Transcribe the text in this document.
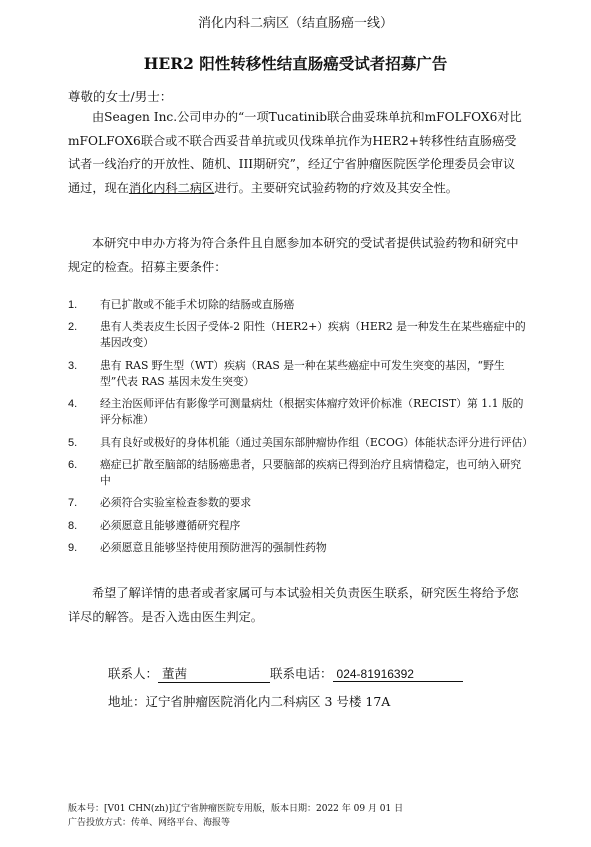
消化内科二病区（结直肠癌一线）
HER2 阳性转移性结直肠癌受试者招募广告
尊敬的女士/男士：
由Seagen Inc.公司申办的“一项Tucatinib联合曲妥珠单抗和mFOLFOX6对比mFOLFOX6联合或不联合西妥昔单抗或贝伐珠单抗作为HER2+转移性结直肠癌受试者一线治疗的开放性、随机、III期研究”，经辽宁省肿瘤医院医学伦理委员会审议通过，现在消化内科二病区进行。主要研究试验药物的疗效及其安全性。
本研究中申办方将为符合条件且自愿参加本研究的受试者提供试验药物和研究中规定的检查。招募主要条件：
1. 有已扩散或不能手术切除的结肠或直肠癌
2. 患有人类表皮生长因子受体-2 阳性（HER2+）疾病（HER2 是一种发生在某些癌症中的基因改变）
3. 患有 RAS 野生型（WT）疾病（RAS 是一种在某些癌症中可发生突变的基因，“野生型”代表 RAS 基因未发生突变）
4. 经主治医师评估有影像学可测量病灶（根据实体瘤疗效评价标准（RECIST）第 1.1 版的评分标准）
5. 具有良好或极好的身体机能（通过美国东部肿瘤协作组（ECOG）体能状态评分进行评估）
6. 癌症已扩散至脑部的结肠癌患者，只要脑部的疾病已得到治疗且病情稳定，也可纳入研究中
7. 必须符合实验室检查参数的要求
8. 必须愿意且能够遵循研究程序
9. 必须愿意且能够坚持使用预防泄泻的强制性药物
希望了解详情的患者或者家属可与本试验相关负责医生联系，研究医生将给予您详尽的解答。是否入选由医生判定。
联系人： 董茜	联系电话： 024-81916392
地址：辽宁省肿瘤医院消化内二科病区 3 号楼 17A
版本号：[V01 CHN(zh)]辽宁省肿瘤医院专用版，版本日期：2022 年 09 月 01 日
广告投放方式：传单、网络平台、海报等
